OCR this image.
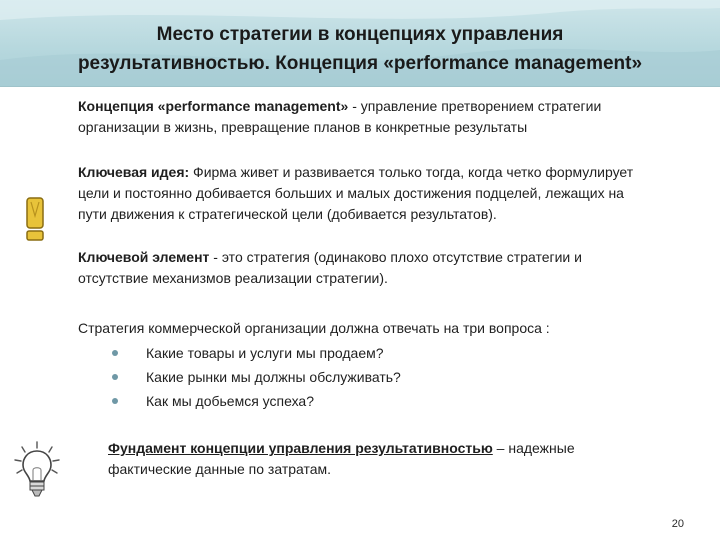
Место стратегии в концепциях управления
результативностью. Концепция «performance management»
Концепция «performance management» - управление претворением стратегии организации в жизнь, превращение планов в конкретные результаты
Ключевая идея: Фирма живет и развивается только тогда, когда четко формулирует цели и постоянно добивается больших и малых достижения подцелей, лежащих на пути движения к стратегической цели (добивается результатов).
Ключевой элемент - это стратегия (одинаково плохо отсутствие стратегии и отсутствие механизмов реализации стратегии).
Стратегия коммерческой организации должна отвечать на три вопроса :
Какие товары и услуги мы продаем?
Какие рынки мы должны обслуживать?
Как мы добьемся успеха?
Фундамент концепции управления результативностью – надежные фактические данные по затратам.
20
